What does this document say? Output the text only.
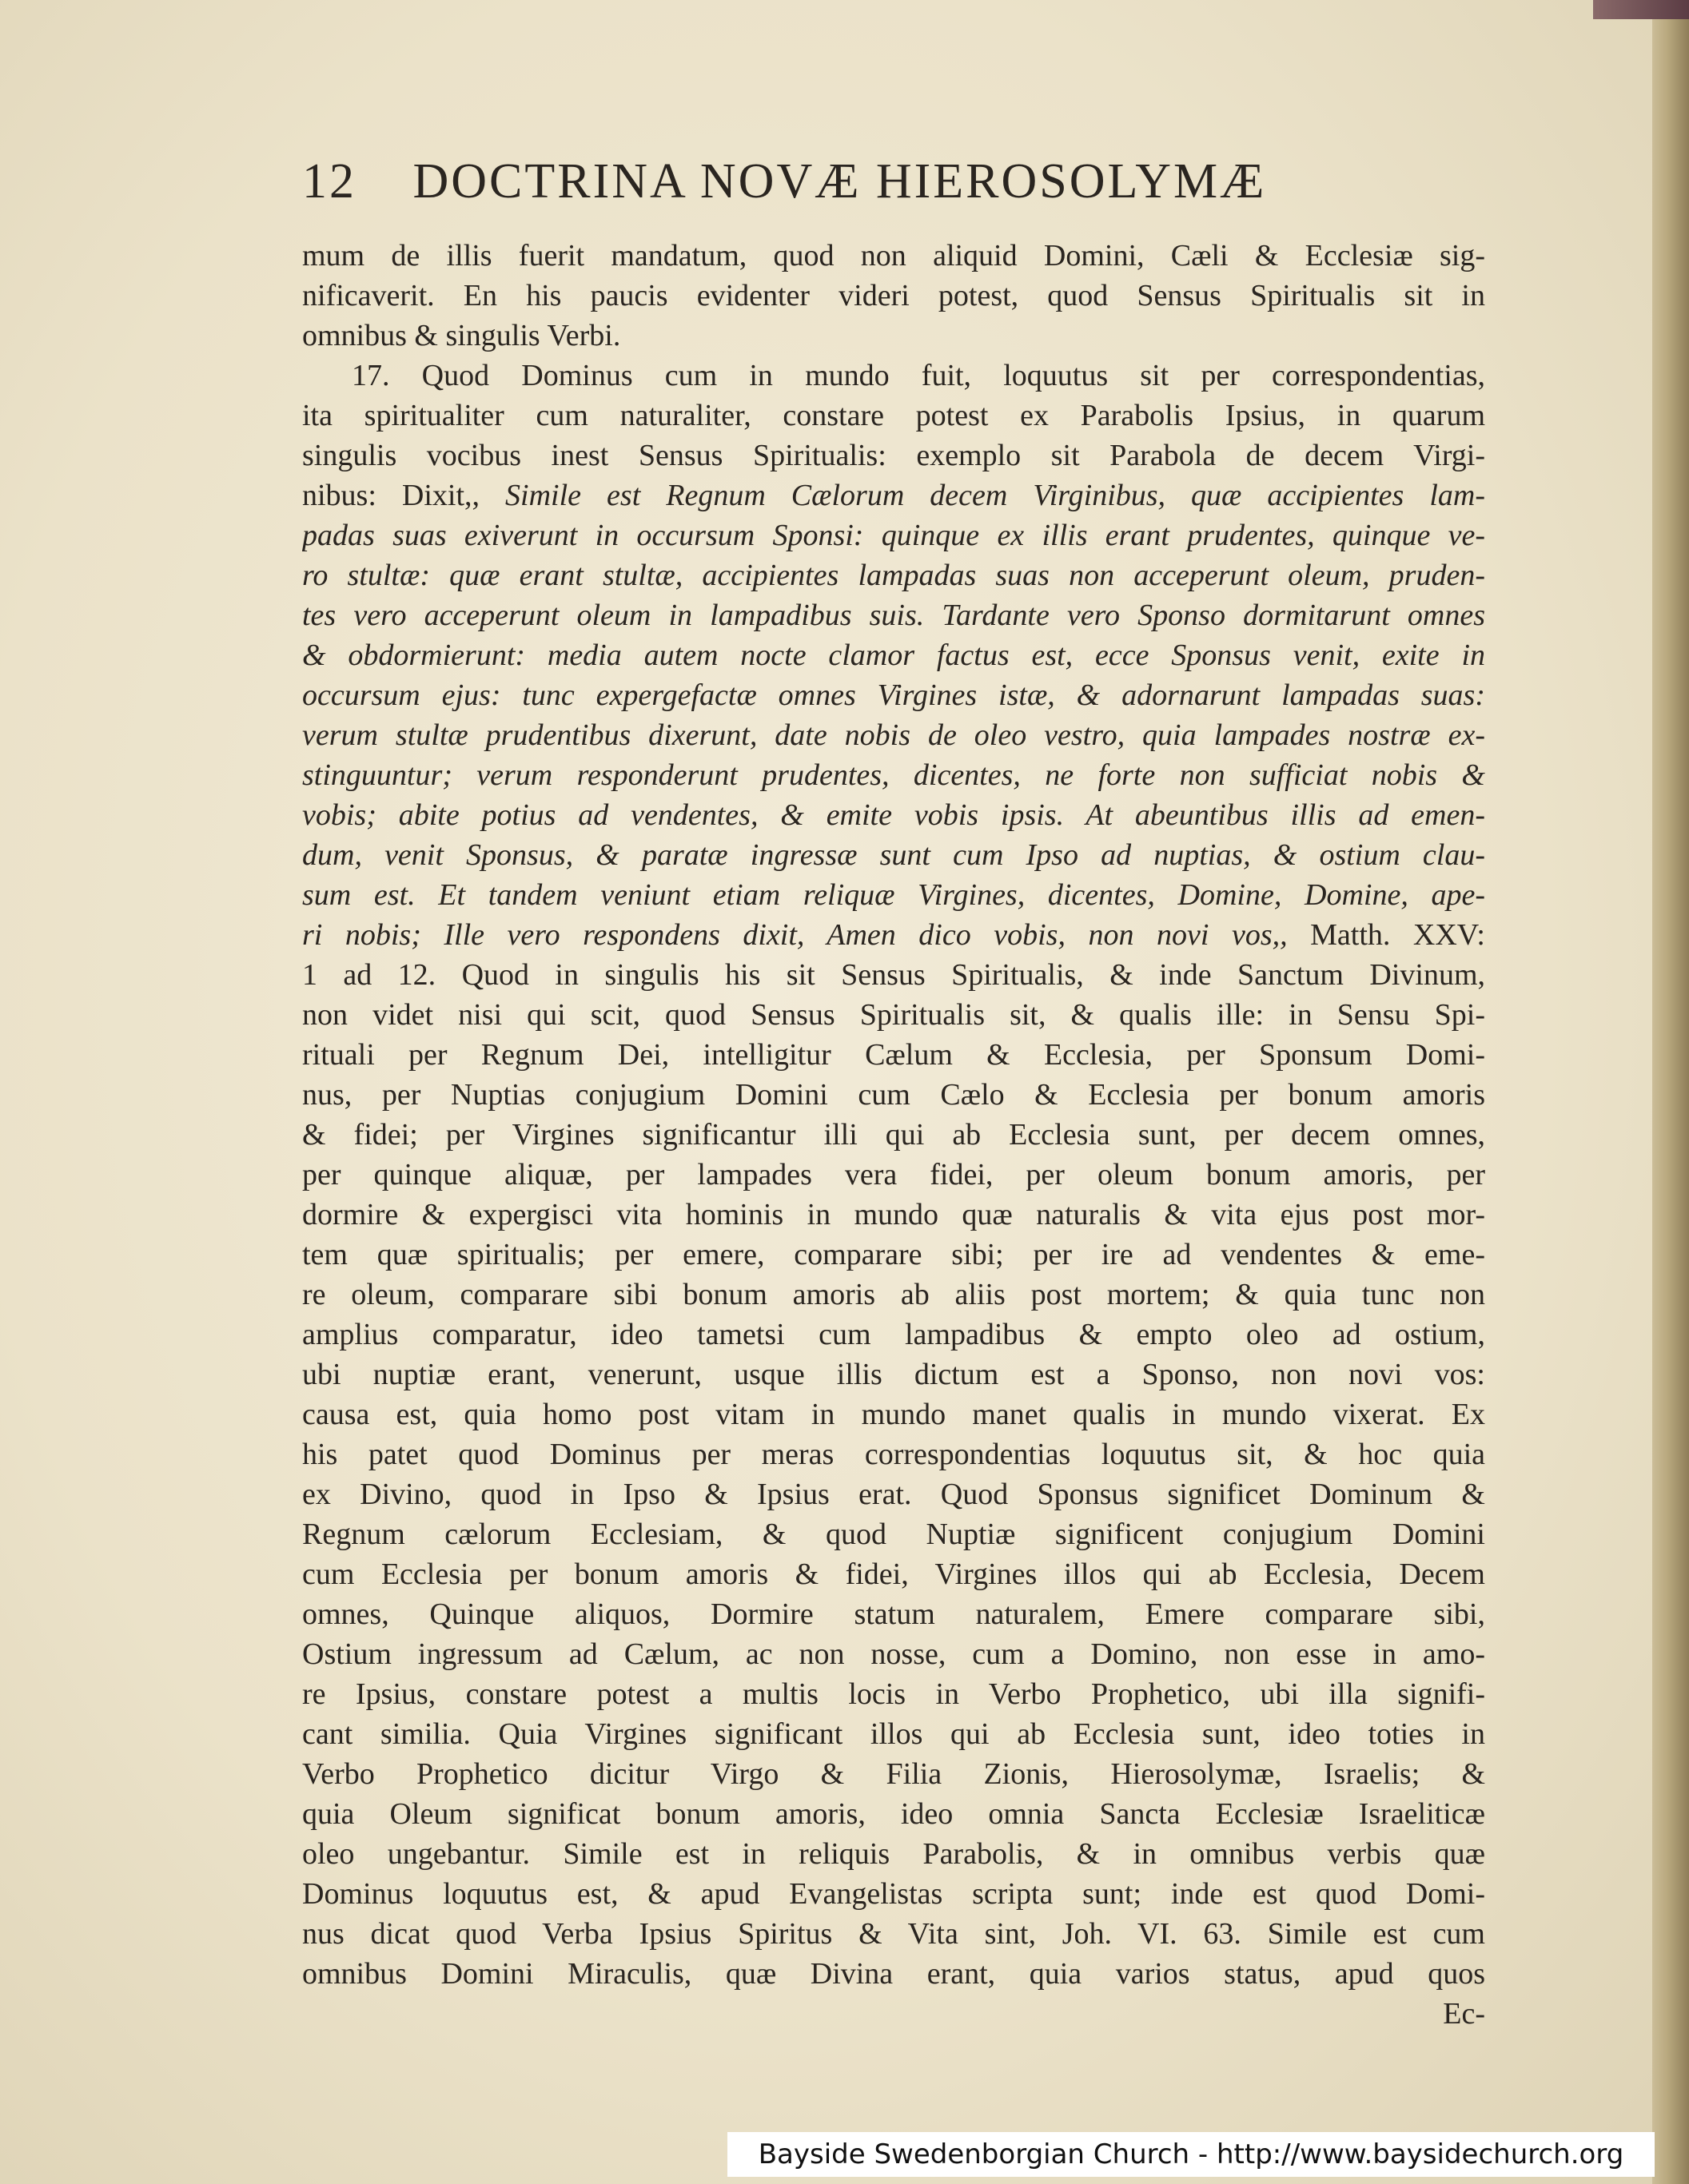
12 DOCTRINA NOVÆ HIEROSOLYMÆ
mum de illis fuerit mandatum, quod non aliquid Domini, Cæli & Ecclesiæ sig-
nificaverit. En his paucis evidenter videri potest, quod Sensus Spiritualis sit in
omnibus & singulis Verbi.
17. Quod Dominus cum in mundo fuit, loquutus sit per correspondentias,
ita spiritualiter cum naturaliter, constare potest ex Parabolis Ipsius, in quarum
singulis vocibus inest Sensus Spiritualis: exemplo sit Parabola de decem Virgi-
nibus: Dixit,, Simile est Regnum Cælorum decem Virginibus, quæ accipientes lam-
padas suas exiverunt in occursum Sponsi: quinque ex illis erant prudentes, quinque ve-
ro stultæ: quæ erant stultæ, accipientes lampadas suas non acceperunt oleum, pruden-
tes vero acceperunt oleum in lampadibus suis. Tardante vero Sponso dormitarunt omnes
& obdormierunt: media autem nocte clamor factus est, ecce Sponsus venit, exite in
occursum ejus: tunc expergefactæ omnes Virgines istæ, & adornarunt lampadas suas:
verum stultæ prudentibus dixerunt, date nobis de oleo vestro, quia lampades nostræ ex-
stinguuntur; verum responderunt prudentes, dicentes, ne forte non sufficiat nobis &
vobis; abite potius ad vendentes, & emite vobis ipsis. At abeuntibus illis ad emen-
dum, venit Sponsus, & paratæ ingressæ sunt cum Ipso ad nuptias, & ostium clau-
sum est. Et tandem veniunt etiam reliquæ Virgines, dicentes, Domine, Domine, ape-
ri nobis; Ille vero respondens dixit, Amen dico vobis, non novi vos,, Matth. XXV:
1 ad 12. Quod in singulis his sit Sensus Spiritualis, & inde Sanctum Divinum,
non videt nisi qui scit, quod Sensus Spiritualis sit, & qualis ille: in Sensu Spi-
rituali per Regnum Dei, intelligitur Cælum & Ecclesia, per Sponsum Domi-
nus, per Nuptias conjugium Domini cum Cælo & Ecclesia per bonum amoris
& fidei; per Virgines significantur illi qui ab Ecclesia sunt, per decem omnes,
per quinque aliquæ, per lampades vera fidei, per oleum bonum amoris, per
dormire & expergisci vita hominis in mundo quæ naturalis & vita ejus post mor-
tem quæ spiritualis; per emere, comparare sibi; per ire ad vendentes & eme-
re oleum, comparare sibi bonum amoris ab aliis post mortem; & quia tunc non
amplius comparatur, ideo tametsi cum lampadibus & empto oleo ad ostium,
ubi nuptiæ erant, venerunt, usque illis dictum est a Sponso, non novi vos:
causa est, quia homo post vitam in mundo manet qualis in mundo vixerat. Ex
his patet quod Dominus per meras correspondentias loquutus sit, & hoc quia
ex Divino, quod in Ipso & Ipsius erat. Quod Sponsus significet Dominum &
Regnum cælorum Ecclesiam, & quod Nuptiæ significent conjugium Domini
cum Ecclesia per bonum amoris & fidei, Virgines illos qui ab Ecclesia, Decem
omnes, Quinque aliquos, Dormire statum naturalem, Emere comparare sibi,
Ostium ingressum ad Cælum, ac non nosse, cum a Domino, non esse in amo-
re Ipsius, constare potest a multis locis in Verbo Prophetico, ubi illa signifi-
cant similia. Quia Virgines significant illos qui ab Ecclesia sunt, ideo toties in
Verbo Prophetico dicitur Virgo & Filia Zionis, Hierosolymæ, Israelis; &
quia Oleum significat bonum amoris, ideo omnia Sancta Ecclesiæ Israeliticæ
oleo ungebantur. Simile est in reliquis Parabolis, & in omnibus verbis quæ
Dominus loquutus est, & apud Evangelistas scripta sunt; inde est quod Domi-
nus dicat quod Verba Ipsius Spiritus & Vita sint, Joh. VI. 63. Simile est cum
omnibus Domini Miraculis, quæ Divina erant, quia varios status, apud quos
Ec-
Bayside Swedenborgian Church - http://www.baysidechurch.org
